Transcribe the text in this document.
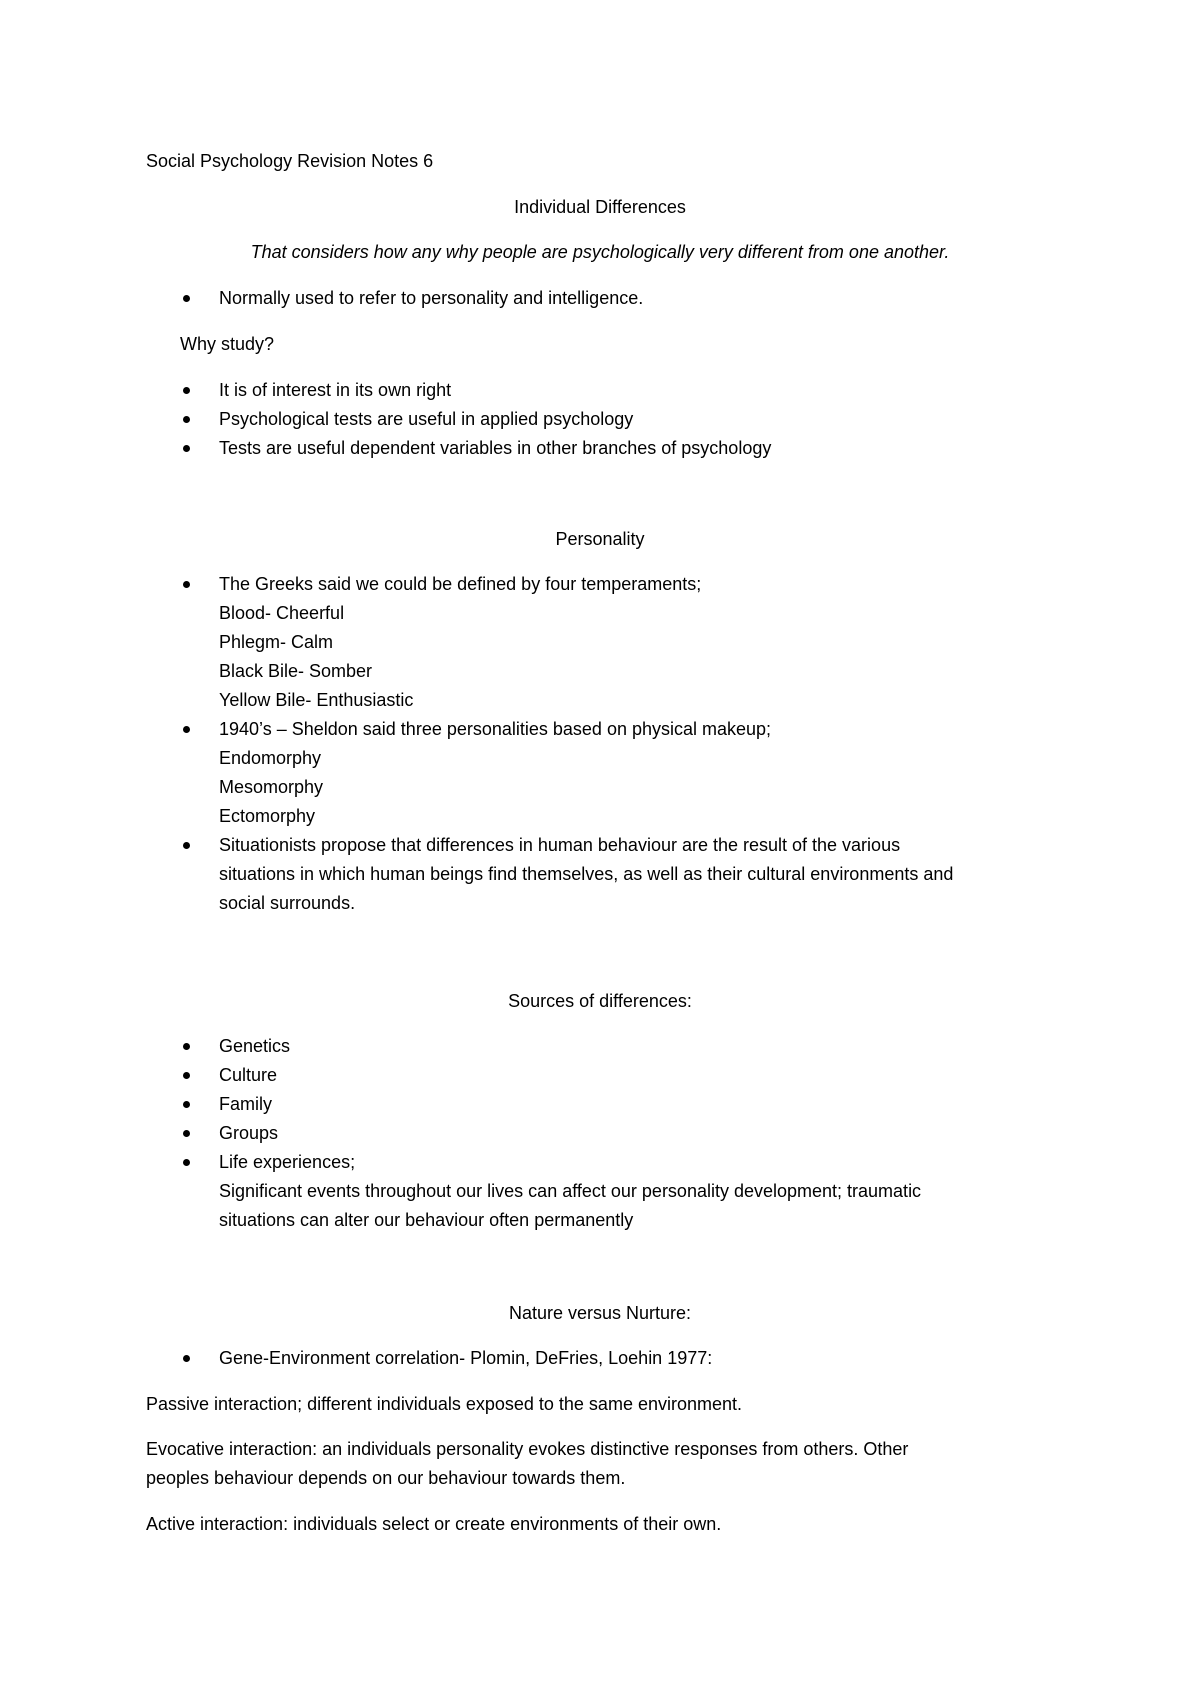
Social Psychology Revision Notes 6

Individual Differences

That considers how any why people are psychologically very different from one another.

Normally used to refer to personality and intelligence.

Why study?

It is of interest in its own right
Psychological tests are useful in applied psychology
Tests are useful dependent variables in other branches of psychology

Personality

The Greeks said we could be defined by four temperaments;
Blood- Cheerful
Phlegm- Calm
Black Bile- Somber
Yellow Bile- Enthusiastic
1940’s – Sheldon said three personalities based on physical makeup;
Endomorphy
Mesomorphy
Ectomorphy
Situationists propose that differences in human behaviour are the result of the various
situations in which human beings find themselves, as well as their cultural environments and
social surrounds.

Sources of differences:

Genetics
Culture
Family
Groups
Life experiences;
Significant events throughout our lives can affect our personality development; traumatic
situations can alter our behaviour often permanently

Nature versus Nurture:

Gene-Environment correlation- Plomin, DeFries, Loehin 1977:

Passive interaction; different individuals exposed to the same environment.

Evocative interaction: an individuals personality evokes distinctive responses from others. Other

peoples behaviour depends on our behaviour towards them.

Active interaction: individuals select or create environments of their own.
